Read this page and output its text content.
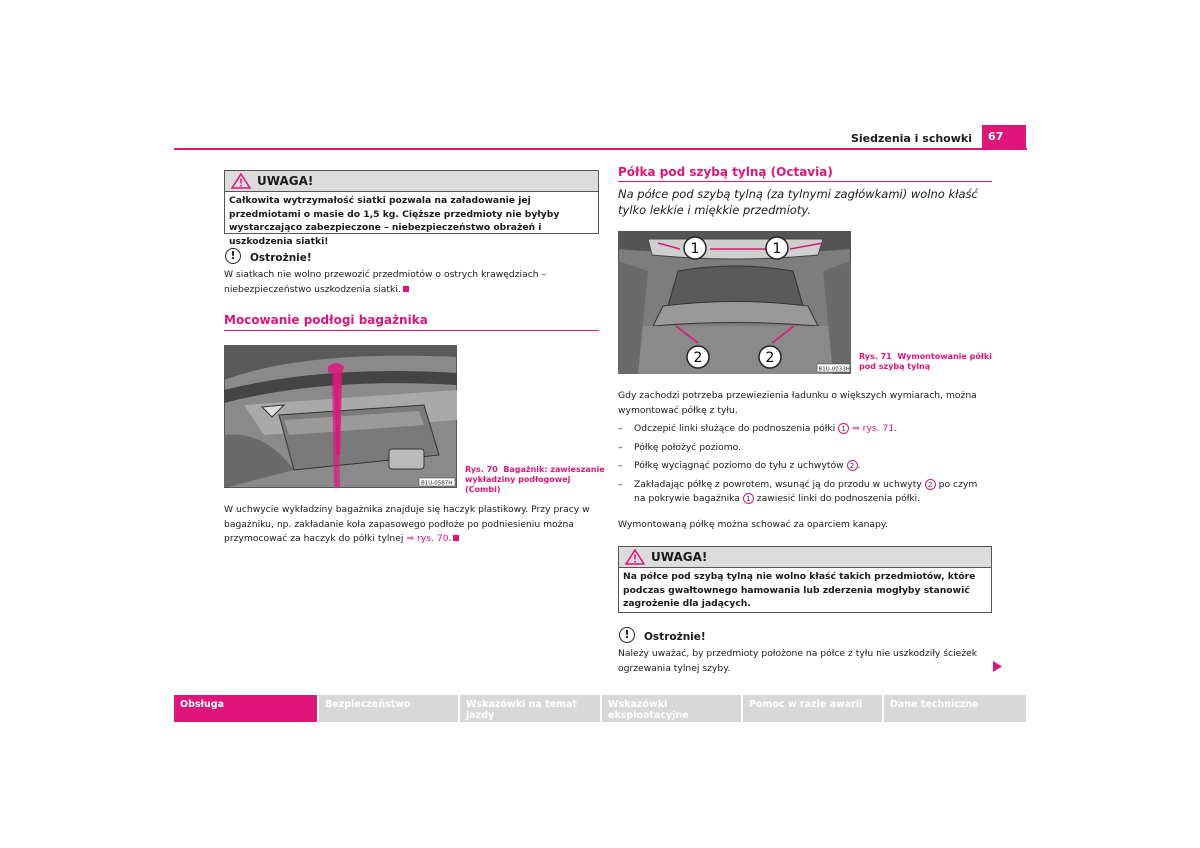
Siedzenia i schowki	67
UWAGA!
Całkowita wytrzymałość siatki pozwala na załadowanie jej przedmiotami o masie do 1,5 kg. Cięższe przedmioty nie byłyby wystarczająco zabezpieczone – niebezpieczeństwo obrażeń i uszkodzenia siatki!
!	Ostrożnie!
W siatkach nie wolno przewozić przedmiotów o ostrych krawędziach – niebezpieczeństwo uszkodzenia siatki.
Mocowanie podłogi bagażnika
B1U-0587H
Rys. 70 Bagażnik: zawieszanie wykładziny podłogowej (Combi)
W uchwycie wykładziny bagażnika znajduje się haczyk plastikowy. Przy pracy w bagażniku, np. zakładanie koła zapasowego podłoże po podniesieniu można przymocować za haczyk do półki tylnej ⇒ rys. 70.
Półka pod szybą tylną (Octavia)
Na półce pod szybą tylną (za tylnymi zagłówkami) wolno kłaść tylko lekkie i miękkie przedmioty.
1	1
2	2
B1U-0033H
Rys. 71 Wymontowanie półki pod szybą tylną
Gdy zachodzi potrzeba przewiezienia ładunku o większych wymiarach, można wymontować półkę z tyłu.
–	Odczepić linki służące do podnoszenia półki 1 ⇒ rys. 71.
–	Półkę położyć poziomo.
–	Półkę wyciągnąć poziomo do tyłu z uchwytów 2 .
–	Zakładając półkę z powrotem, wsunąć ją do przodu w uchwyty 2 po czym na pokrywie bagażnika 1 zawiesić linki do podnoszenia półki.
Wymontowaną półkę można schować za oparciem kanapy.
UWAGA!
Na półce pod szybą tylną nie wolno kłaść takich przedmiotów, które podczas gwałtownego hamowania lub zderzenia mogłyby stanowić zagrożenie dla jadących.
!	Ostrożnie!
Należy uważać, by przedmioty położone na półce z tyłu nie uszkodziły ścieżek ogrzewania tylnej szyby.
Obsługa	Bezpieczeństwo	Wskazówki na temat jazdy
Wskazówki eksploatacyjne
Pomoc w razie awarii	Dane techniczne
